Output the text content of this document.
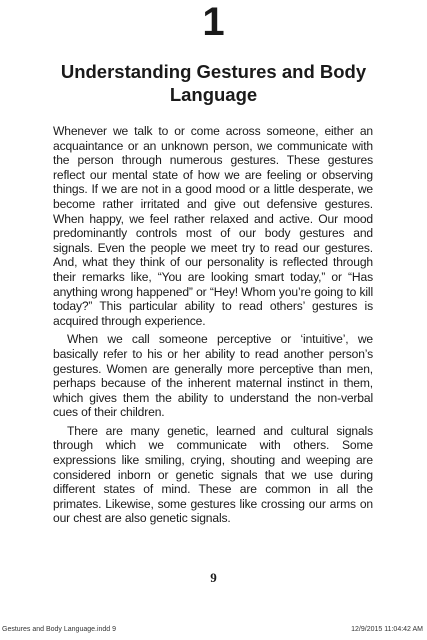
1
Understanding Gestures and Body Language

Whenever we talk to or come across someone, either an acquaintance or an unknown person, we communicate with the person through numerous gestures. These gestures reflect our mental state of how we are feeling or observing things. If we are not in a good mood or a little desperate, we become rather irritated and give out defensive gestures. When happy, we feel rather relaxed and active. Our mood predominantly controls most of our body gestures and signals. Even the people we meet try to read our gestures. And, what they think of our personality is reflected through their remarks like, “You are looking smart today,” or “Has anything wrong happened” or “Hey! Whom you’re going to kill today?” This particular ability to read others’ gestures is acquired through experience.

When we call someone perceptive or ‘intuitive’, we basically refer to his or her ability to read another person’s gestures. Women are generally more perceptive than men, perhaps because of the inherent maternal instinct in them, which gives them the ability to understand the non-verbal cues of their children.

There are many genetic, learned and cultural signals through which we communicate with others. Some expressions like smiling, crying, shouting and weeping are considered inborn or genetic signals that we use during different states of mind. These are common in all the primates. Likewise, some gestures like crossing our arms on our chest are also genetic signals.

9
Gestures and Body Language.indd 9	12/9/2015 11:04:42 AM
